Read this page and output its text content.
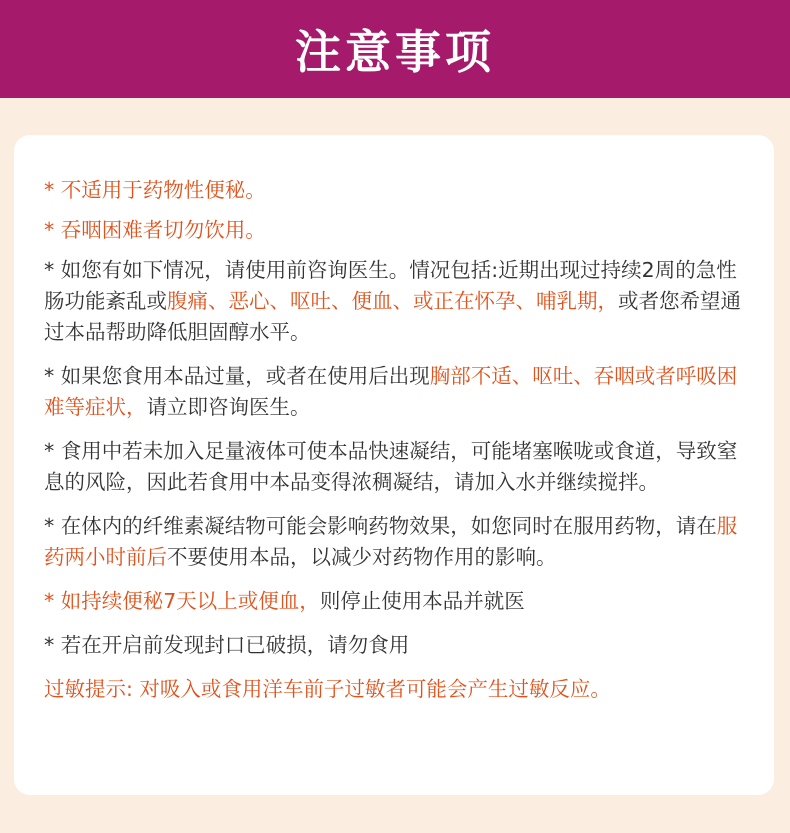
注意事项

* 不适用于药物性便秘。

* 吞咽困难者切勿饮用。

* 如您有如下情况，请使用前咨询医生。情况包括:近期出现过持续2周的急性肠功能紊乱或腹痛、恶心、呕吐、便血、或正在怀孕、哺乳期，或者您希望通过本品帮助降低胆固醇水平。

* 如果您食用本品过量，或者在使用后出现胸部不适、呕吐、吞咽或者呼吸困难等症状，请立即咨询医生。

* 食用中若未加入足量液体可使本品快速凝结，可能堵塞喉咙或食道，导致窒息的风险，因此若食用中本品变得浓稠凝结，请加入水并继续搅拌。

* 在体内的纤维素凝结物可能会影响药物效果，如您同时在服用药物，请在服药两小时前后不要使用本品，以减少对药物作用的影响。

* 如持续便秘7天以上或便血，则停止使用本品并就医

* 若在开启前发现封口已破损，请勿食用

过敏提示: 对吸入或食用洋车前子过敏者可能会产生过敏反应。
